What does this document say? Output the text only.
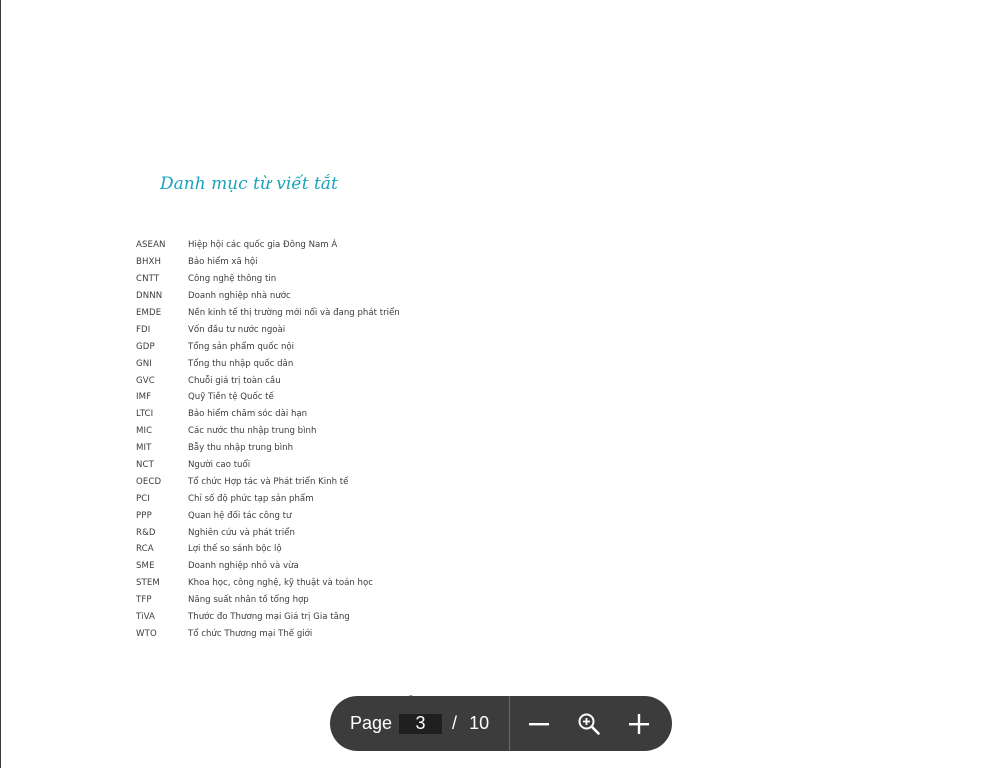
Danh mục từ viết tắt
ASEAN	Hiệp hội các quốc gia Đông Nam Á
BHXH	Bảo hiểm xã hội
CNTT	Công nghệ thông tin
DNNN	Doanh nghiệp nhà nước
EMDE	Nền kinh tế thị trường mới nổi và đang phát triển
FDI	Vốn đầu tư nước ngoài
GDP	Tổng sản phẩm quốc nội
GNI	Tổng thu nhập quốc dân
GVC	Chuỗi giá trị toàn cầu
IMF	Quỹ Tiền tệ Quốc tế
LTCI	Bảo hiểm chăm sóc dài hạn
MIC	Các nước thu nhập trung bình
MIT	Bẫy thu nhập trung bình
NCT	Người cao tuổi
OECD	Tổ chức Hợp tác và Phát triển Kinh tế
PCI	Chỉ số độ phức tạp sản phẩm
PPP	Quan hệ đối tác công tư
R&D	Nghiên cứu và phát triển
RCA	Lợi thế so sánh bộc lộ
SME	Doanh nghiệp nhỏ và vừa
STEM	Khoa học, công nghệ, kỹ thuật và toán học
TFP	Năng suất nhân tố tổng hợp
TiVA	Thước đo Thương mại Giá trị Gia tăng
WTO	Tổ chức Thương mại Thế giới
Page
3	/ 10
